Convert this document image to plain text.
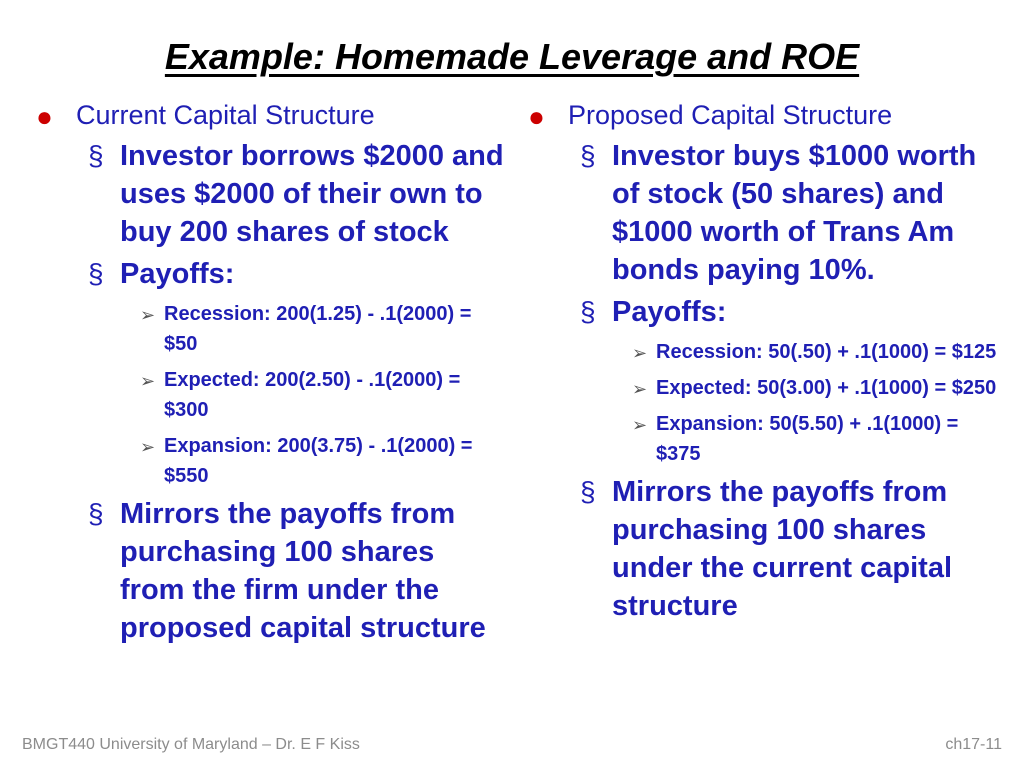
Example: Homemade Leverage and ROE
● Current Capital Structure
§ Investor borrows $2000 and uses $2000 of their own to buy 200 shares of stock
§ Payoffs:
➢ Recession: 200(1.25) - .1(2000) = $50
➢ Expected: 200(2.50) - .1(2000) = $300
➢ Expansion: 200(3.75) - .1(2000) = $550
§ Mirrors the payoffs from purchasing 100 shares from the firm under the proposed capital structure
● Proposed Capital Structure
§ Investor buys $1000 worth of stock (50 shares) and $1000 worth of Trans Am bonds paying 10%.
§ Payoffs:
➢ Recession: 50(.50) + .1(1000) = $125
➢ Expected: 50(3.00) + .1(1000) = $250
➢ Expansion: 50(5.50) + .1(1000) = $375
§ Mirrors the payoffs from purchasing 100 shares under the current capital structure
BMGT440 University of Maryland – Dr. E F Kiss	ch17-11
